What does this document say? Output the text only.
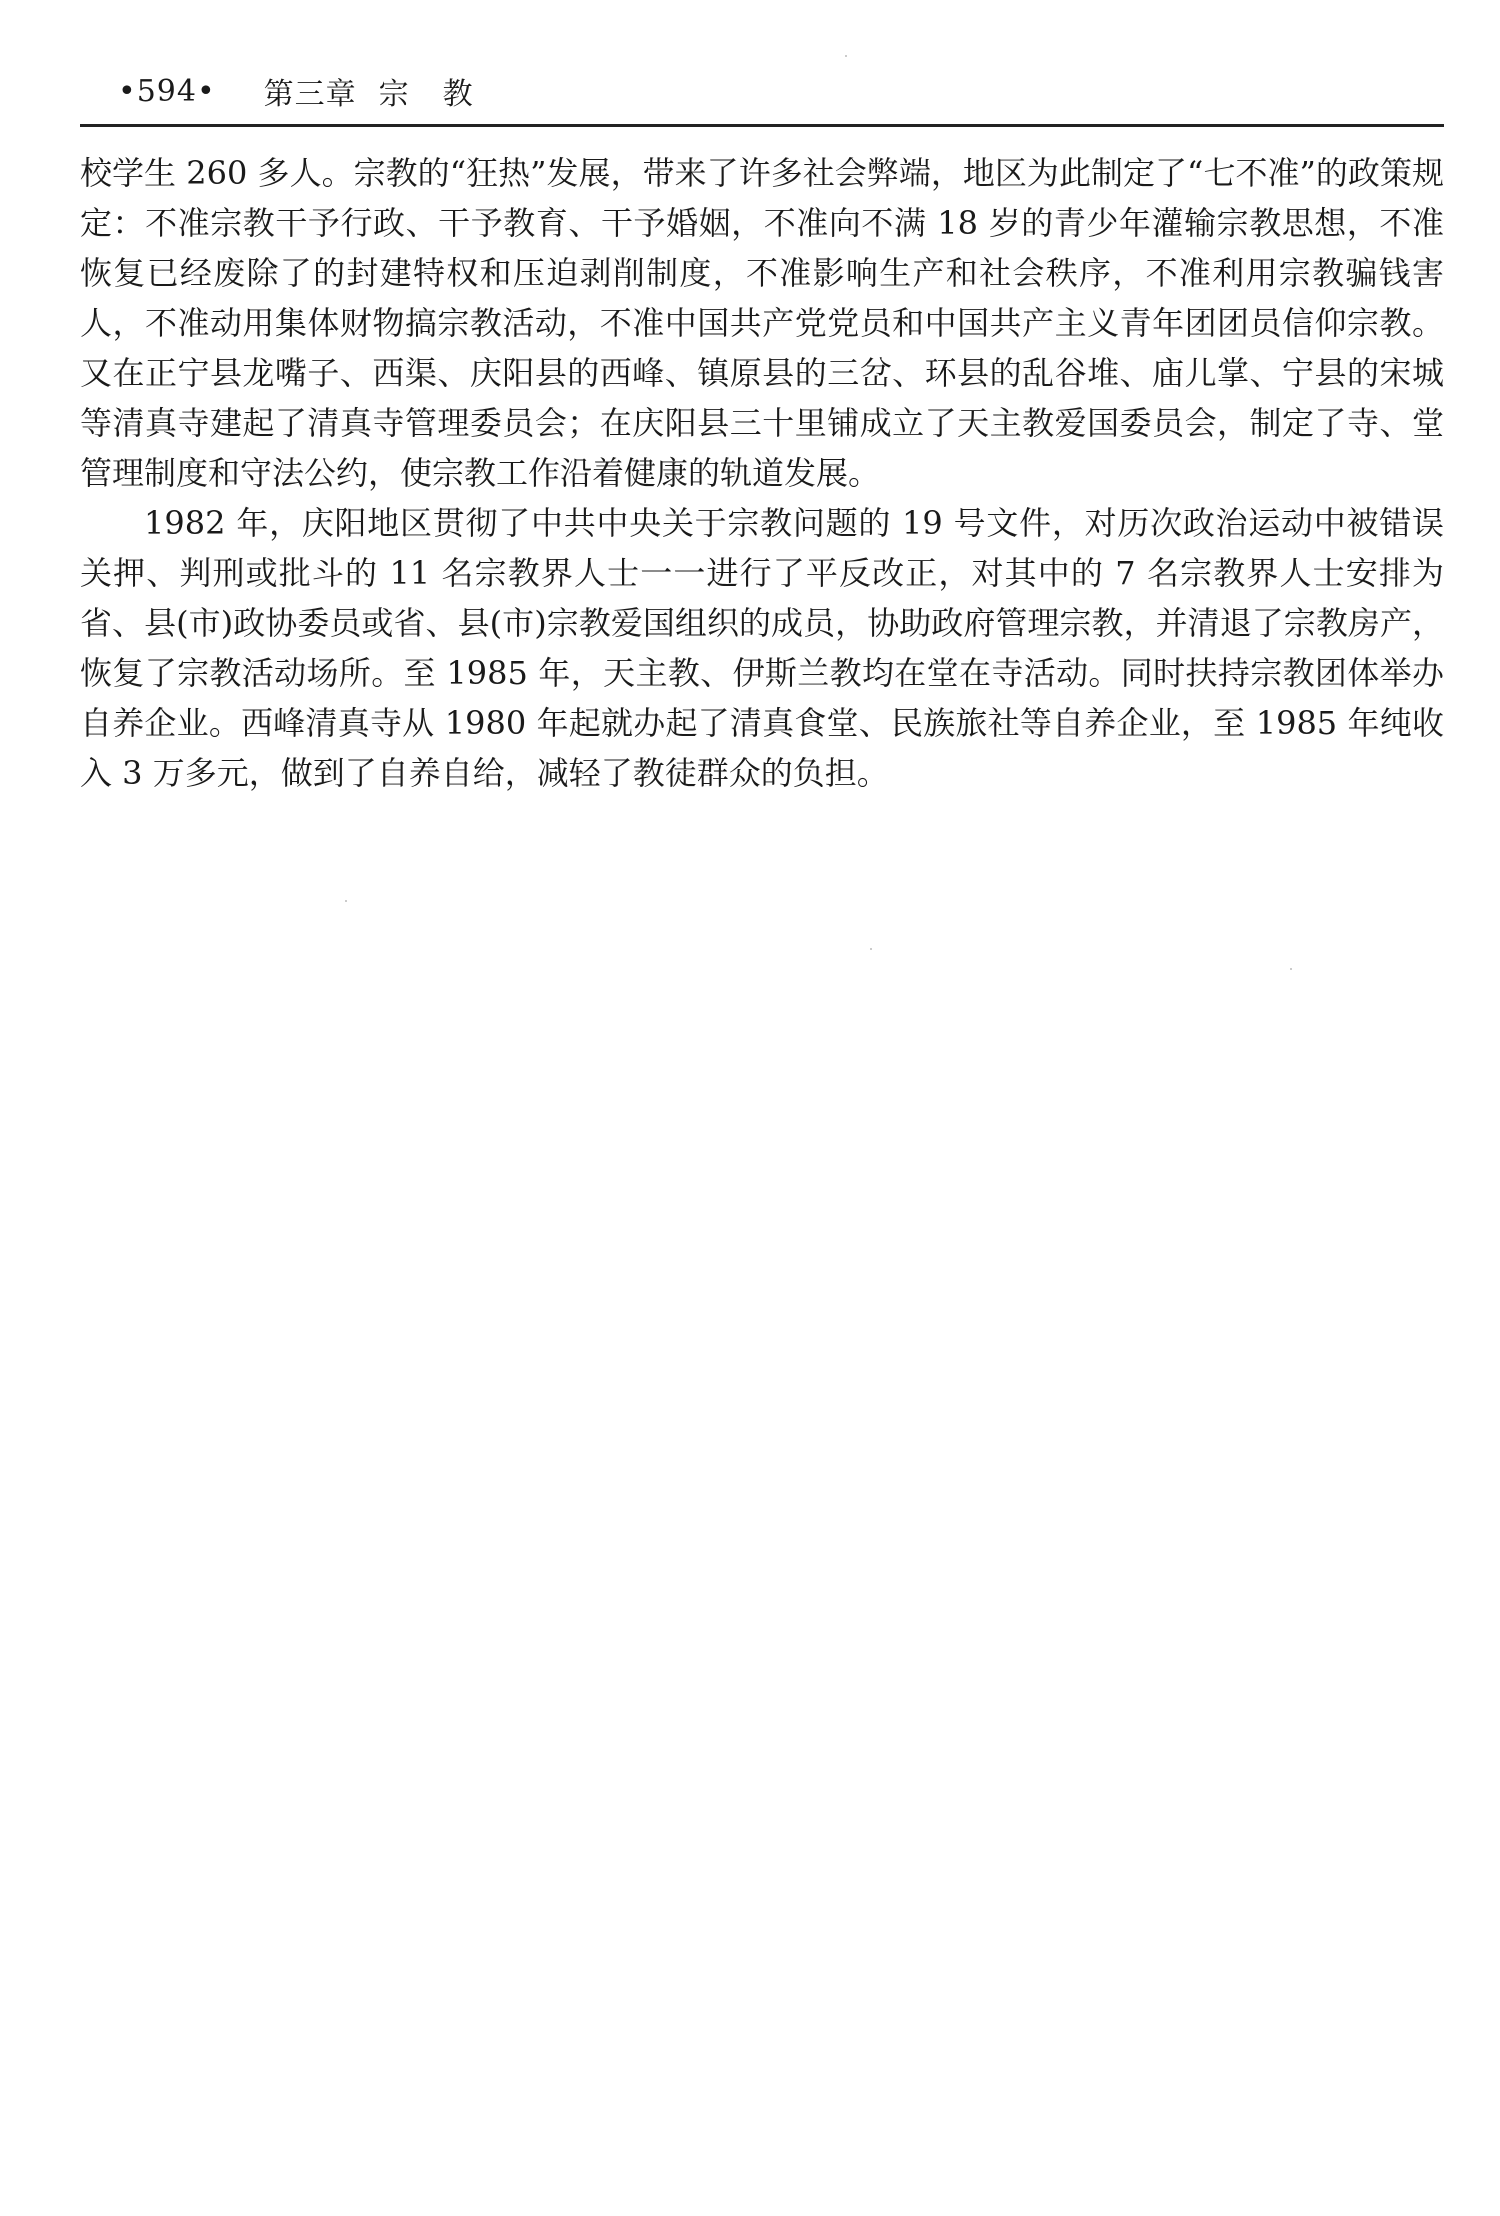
•594• 第三章 宗教

校学生 260 多人。宗教的“狂热”发展，带来了许多社会弊端，地区为此制定了“七不准”的政策规定：不准宗教干予行政、干予教育、干予婚姻，不准向不满 18 岁的青少年灌输宗教思想，不准恢复已经废除了的封建特权和压迫剥削制度，不准影响生产和社会秩序，不准利用宗教骗钱害人，不准动用集体财物搞宗教活动，不准中国共产党党员和中国共产主义青年团团员信仰宗教。又在正宁县龙嘴子、西渠、庆阳县的西峰、镇原县的三岔、环县的乱谷堆、庙儿掌、宁县的宋城等清真寺建起了清真寺管理委员会；在庆阳县三十里铺成立了天主教爱国委员会，制定了寺、堂管理制度和守法公约，使宗教工作沿着健康的轨道发展。

1982 年，庆阳地区贯彻了中共中央关于宗教问题的 19 号文件，对历次政治运动中被错误关押、判刑或批斗的 11 名宗教界人士一一进行了平反改正，对其中的 7 名宗教界人士安排为省、县(市)政协委员或省、县(市)宗教爱国组织的成员，协助政府管理宗教，并清退了宗教房产，恢复了宗教活动场所。至 1985 年，天主教、伊斯兰教均在堂在寺活动。同时扶持宗教团体举办自养企业。西峰清真寺从 1980 年起就办起了清真食堂、民族旅社等自养企业，至 1985 年纯收入 3 万多元，做到了自养自给，减轻了教徒群众的负担。
